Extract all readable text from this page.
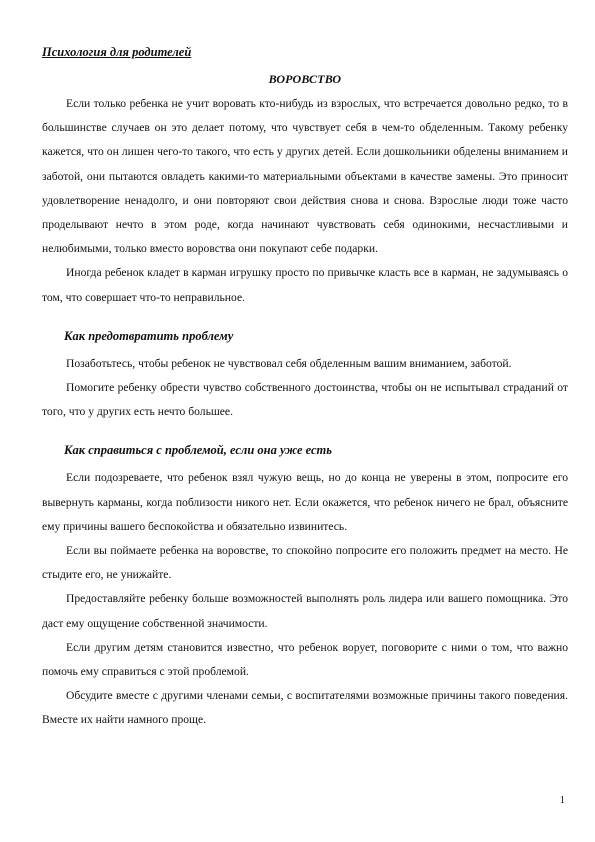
Психология для родителей

ВОРОВСТВО

Если только ребенка не учит воровать кто-нибудь из взрослых, что встречается довольно редко, то в большинстве случаев он это делает потому, что чувствует себя в чем-то обделенным. Такому ребенку кажется, что он лишен чего-то такого, что есть у других детей. Если дошкольники обделены вниманием и заботой, они пытаются овладеть какими-то материальными объектами в качестве замены. Это приносит удовлетворение ненадолго, и они повторяют свои действия снова и снова. Взрослые люди тоже часто проделывают нечто в этом роде, когда начинают чувствовать себя одинокими, несчастливыми и нелюбимыми, только вместо воровства они покупают себе подарки.

Иногда ребенок кладет в карман игрушку просто по привычке класть все в карман, не задумываясь о том, что совершает что-то неправильное.

Как предотвратить проблему

Позаботьтесь, чтобы ребенок не чувствовал себя обделенным вашим вниманием, заботой.

Помогите ребенку обрести чувство собственного достоинства, чтобы он не испытывал страданий от того, что у других есть нечто большее.

Как справиться с проблемой, если она уже есть

Если подозреваете, что ребенок взял чужую вещь, но до конца не уверены в этом, попросите его вывернуть карманы, когда поблизости никого нет. Если окажется, что ребенок ничего не брал, объясните ему причины вашего беспокойства и обязательно извинитесь.

Если вы поймаете ребенка на воровстве, то спокойно попросите его положить предмет на место. Не стыдите его, не унижайте.

Предоставляйте ребенку больше возможностей выполнять роль лидера или вашего помощника. Это даст ему ощущение собственной значимости.

Если другим детям становится известно, что ребенок ворует, поговорите с ними о том, что важно помочь ему справиться с этой проблемой.

Обсудите вместе с другими членами семьи, с воспитателями возможные причины такого поведения. Вместе их найти намного проще.

1
